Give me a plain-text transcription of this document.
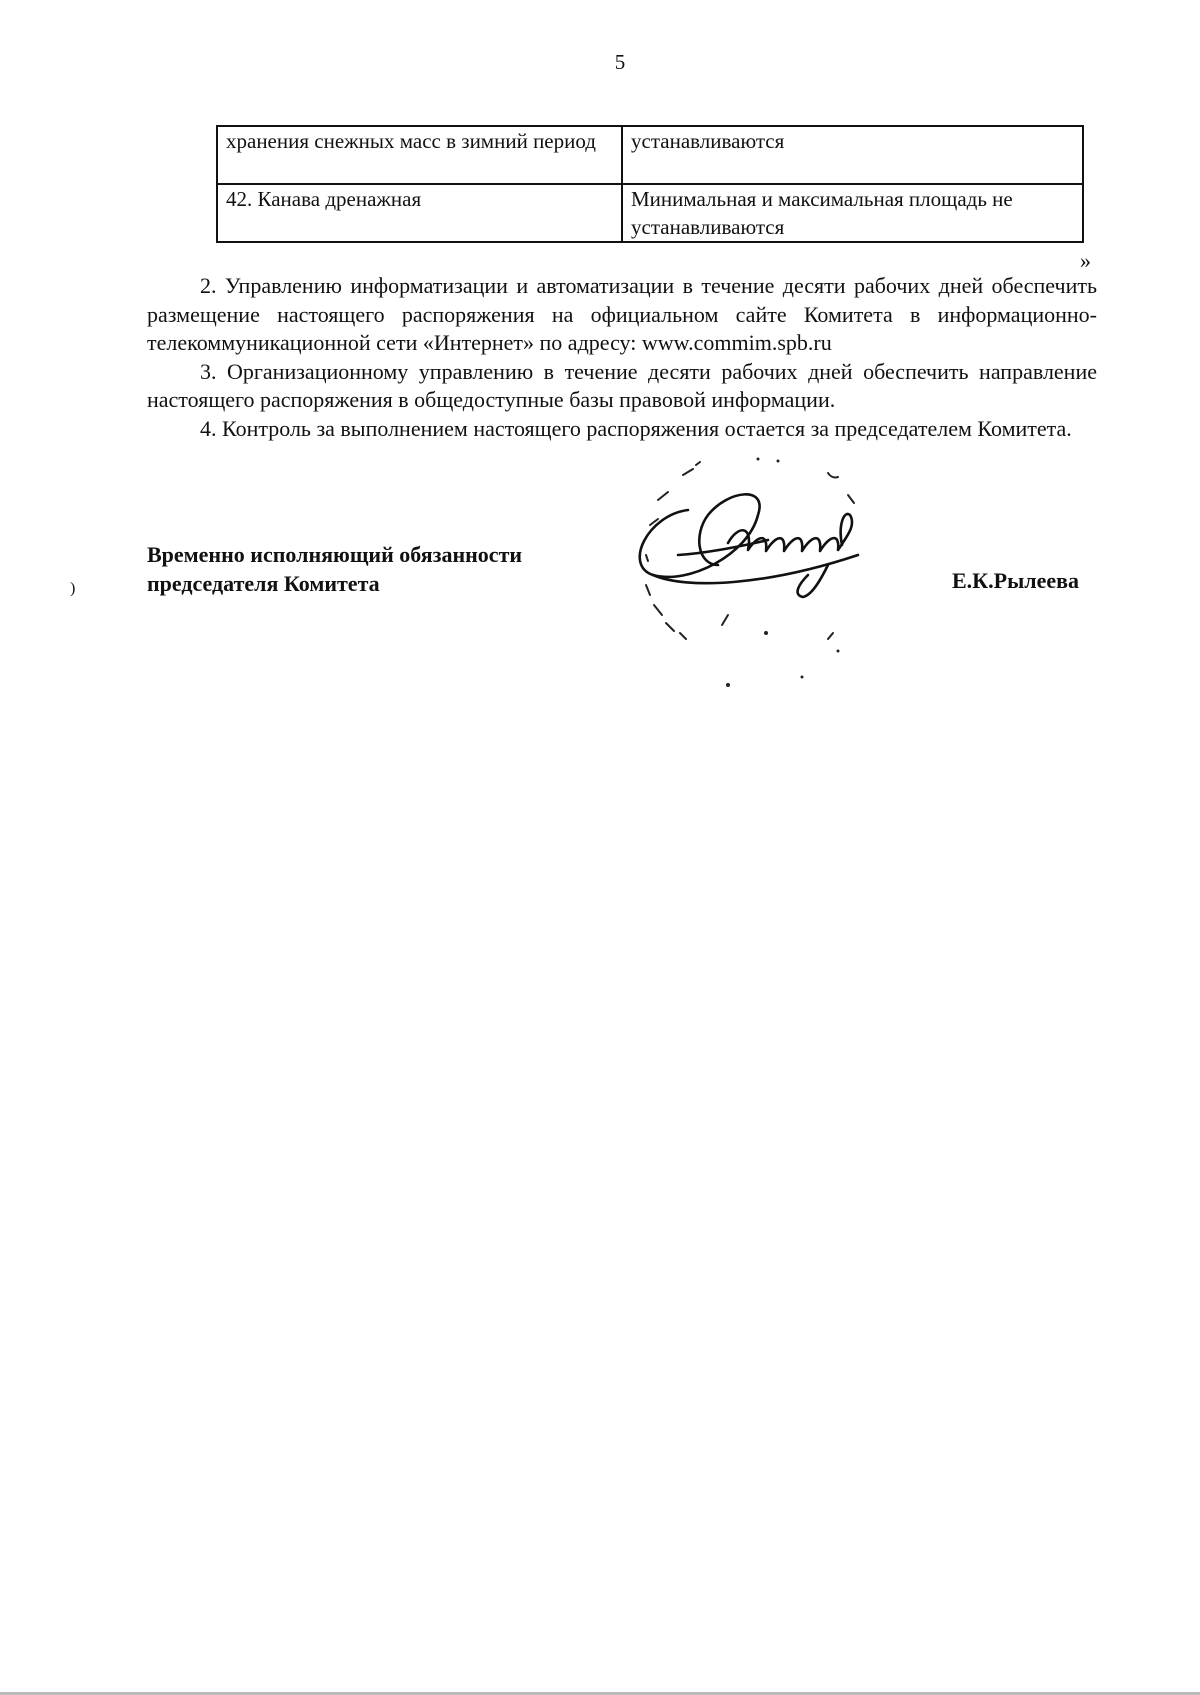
5
хранения снежных масс в зимний период	устанавливаются
42. Канава дренажная	Минимальная и максимальная площадь не устанавливаются
»

2. Управлению информатизации и автоматизации в течение десяти рабочих дней обеспечить размещение настоящего распоряжения на официальном сайте Комитета в информационно-телекоммуникационной сети «Интернет» по адресу: www.commim.spb.ru

3. Организационному управлению в течение десяти рабочих дней обеспечить направление настоящего распоряжения в общедоступные базы правовой информации.

4. Контроль за выполнением настоящего распоряжения остается за председателем Комитета.

Временно исполняющий обязанности
председателя Комитета	Е.К.Рылеева
)
